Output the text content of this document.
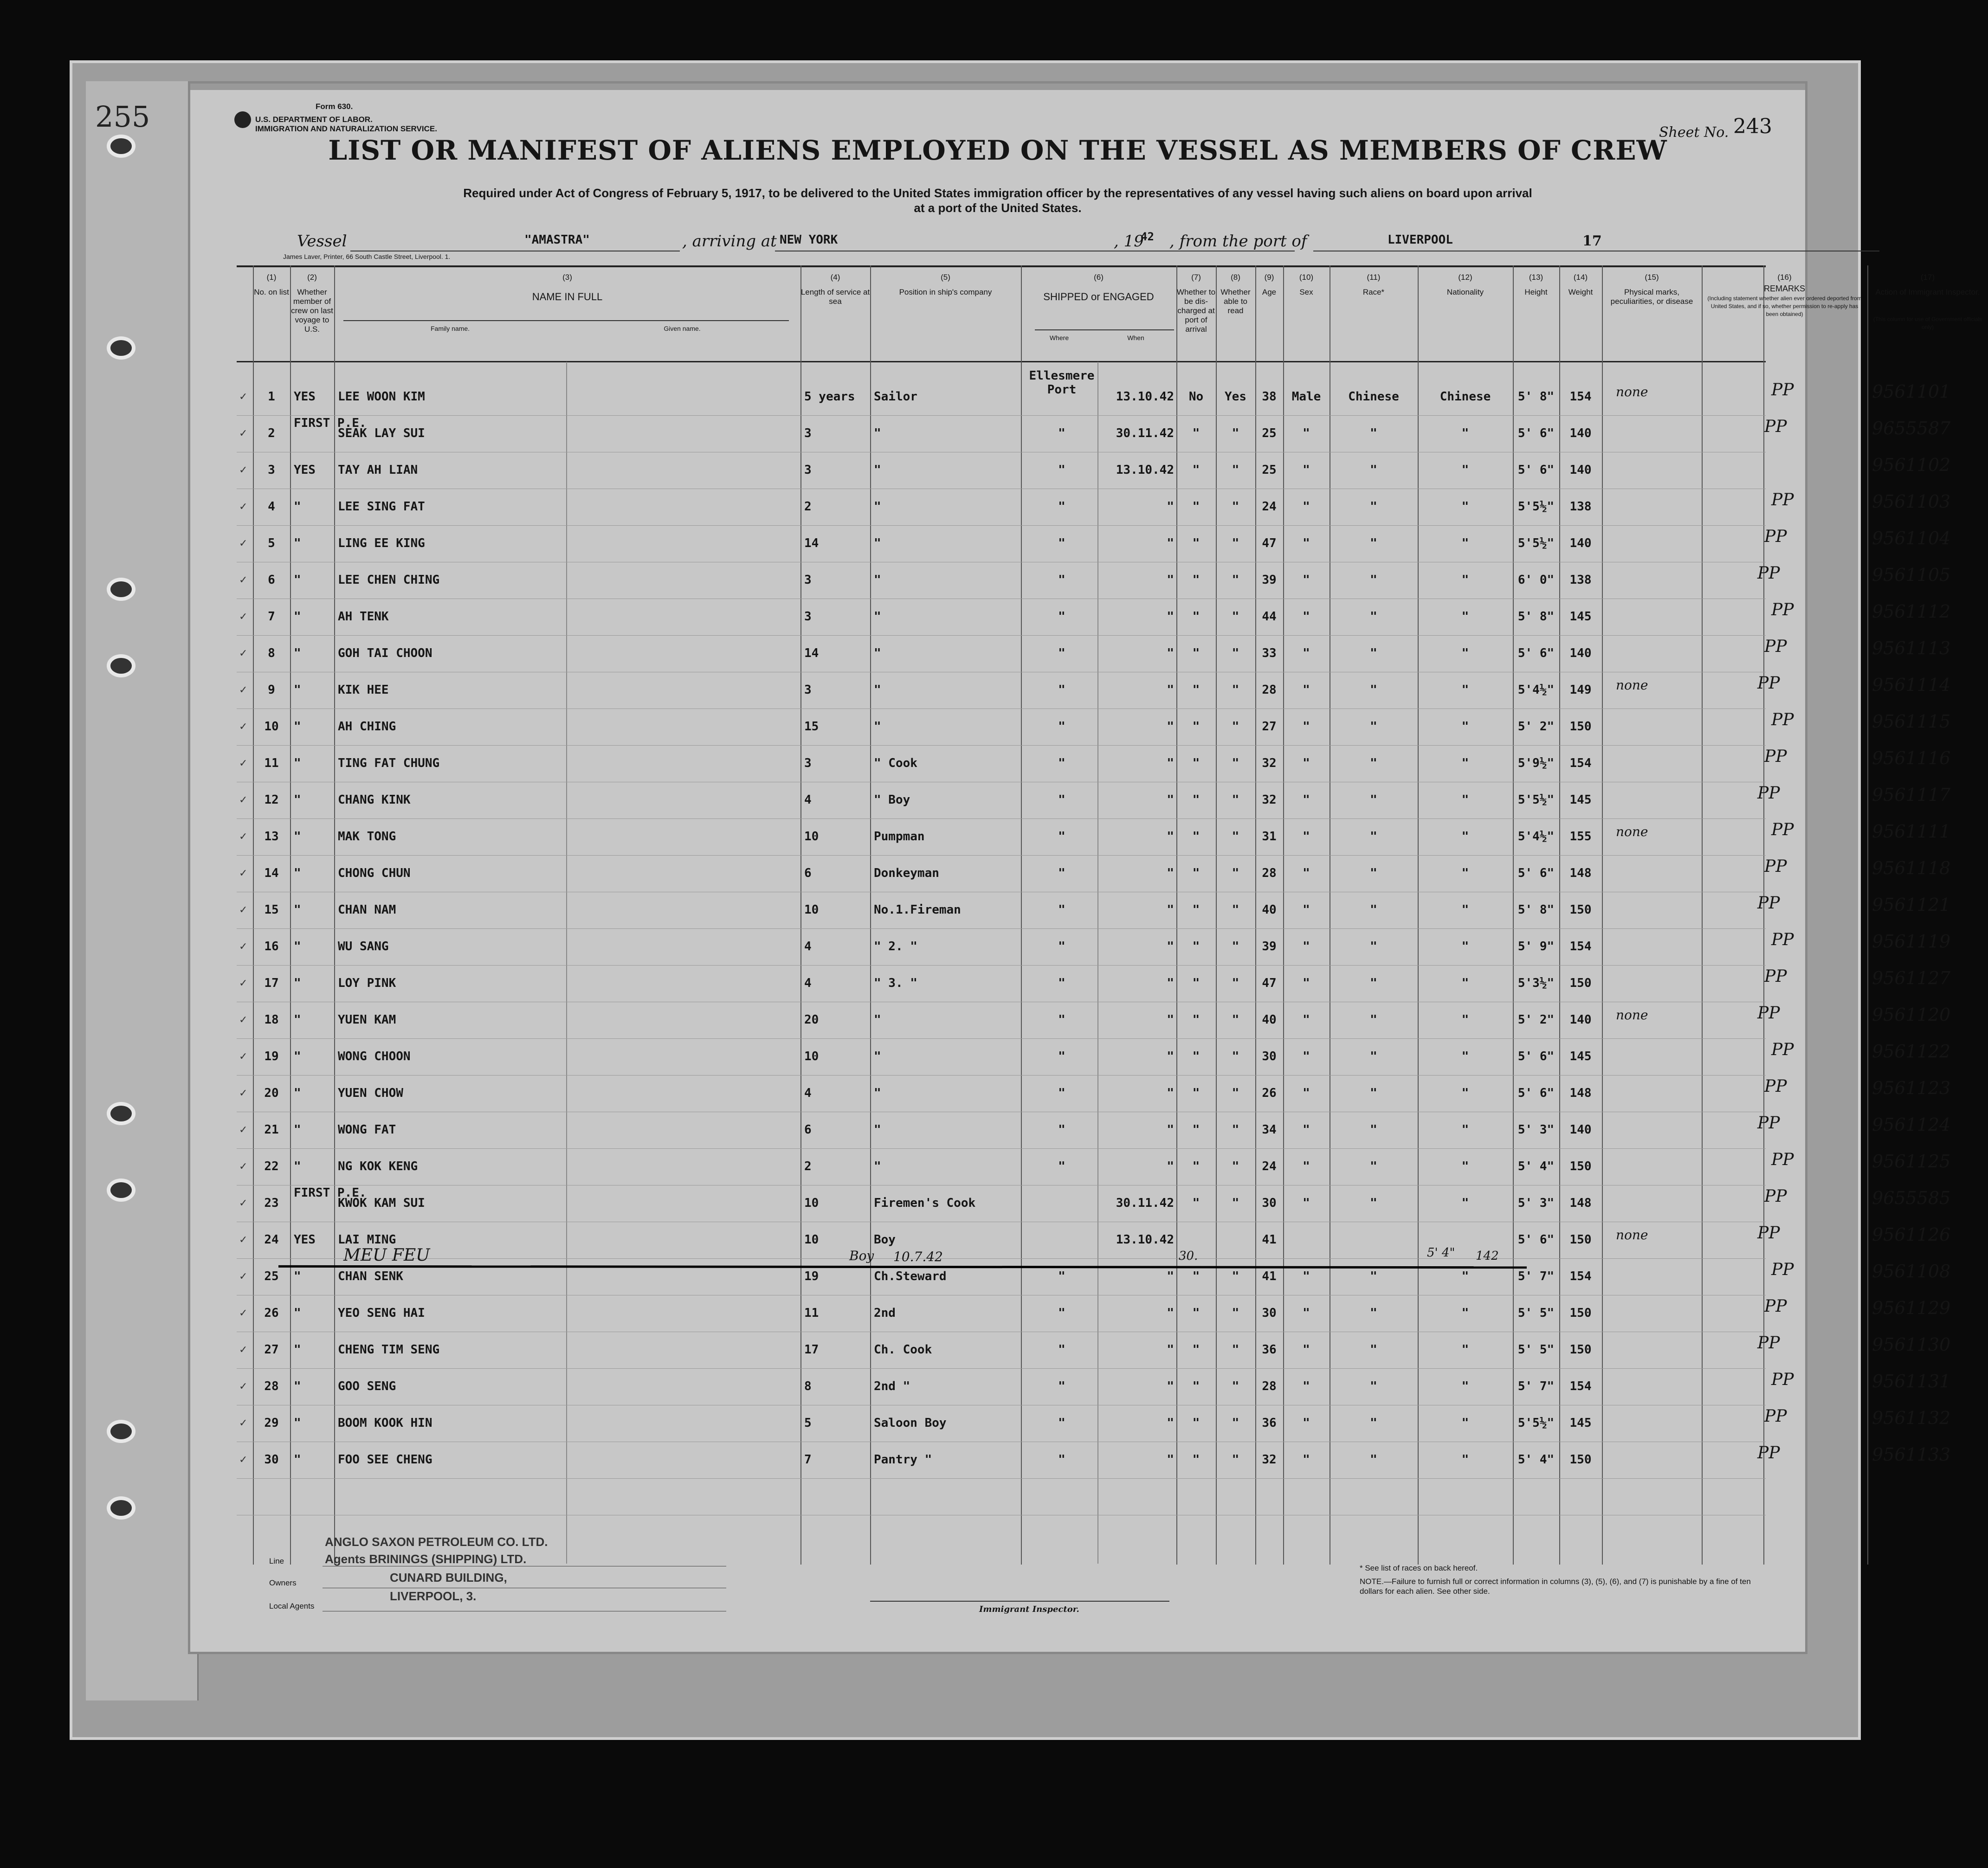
255	Form 630.
U.S. DEPARTMENT OF LABOR.
IMMIGRATION AND NATURALIZATION SERVICE.	Sheet No. 243
LIST OR MANIFEST OF ALIENS EMPLOYED ON THE VESSEL AS MEMBERS OF CREW
Required under Act of Congress of February 5, 1917, to be delivered to the United States immigration officer by the representatives of any vessel having such aliens on board upon arrival
at a port of the United States.
Vessel	"AMASTRA"	, arriving at NEW YORK	, 19
42 , from the port of	LIVERPOOL	17
James Laver, Printer, 66 South Castle Street, Liverpool. 1.
(1)
No. on list
(2)
Whether member of crew on last voyage to U.S.
(3)
NAME IN FULL
Family name.	Given name.
(4)
Length of service at sea
(5)
Position in ship's company
(6)
SHIPPED or ENGAGED
Where	When
(7)
Whether to be dis- charged at port of arrival
(8)
Whether able to read
(9)
Age
(10)
Sex
(11)
Race*
(12)
Nationality
(13)
Height
(14)
Weight
(15)
Physical marks, peculiarities, or disease
(16)
REMARKS
(Including statement whether alien ever ordered deported from United States, and if so, whether permission to re-apply has been obtained)
(17)
Action of Immigrant Inspector.
(This column for use of Government officials only)
1	YES	LEE WOON KIM	5 years	Sailor
Ellesmere Port	13.10.42	No	Yes	38	Male	Chinese	Chinese	5' 8"	154	none	PP	9561101
✓
2
FIRST P.E.
SEAK LAY SUI	3	"	"	30.11.42	"	"	25	"	"	"	5' 6"	140	PP	9655587
✓
3	YES	TAY AH LIAN	3	"	"	13.10.42	"	"	25	"	"	"	5' 6"	140	9561102
✓
4	"	LEE SING FAT	2	"	"	"	"	"	24	"	"	"	5'5½"	138	PP	9561103
✓
5	"	LING EE KING	14	"	"	"	"	"	47	"	"	"	5'5½"	140	PP	9561104
✓
6	"	LEE CHEN CHING	3	"	"	"	"	"	39	"	"	"	6' 0"	138	PP	9561105
✓
7	"	AH TENK	3	"	"	"	"	"	44	"	"	"	5' 8"	145	PP	9561112
✓
8	"	GOH TAI CHOON	14	"	"	"	"	"	33	"	"	"	5' 6"	140	PP	9561113
✓
9	"	KIK HEE	3	"	"	"	"	"	28	"	"	"	5'4½"	149	none	PP	9561114
✓
10	"	AH CHING	15	"	"	"	"	"	27	"	"	"	5' 2"	150	PP	9561115
✓
11	"	TING FAT CHUNG	3	" Cook	"	"	"	"	32	"	"	"	5'9½"	154	PP	9561116
✓
12	"	CHANG KINK	4	" Boy	"	"	"	"	32	"	"	"	5'5½"	145	PP	9561117
✓
13	"	MAK TONG	10	Pumpman	"	"	"	"	31	"	"	"	5'4½"	155	none	PP	9561111
✓
14	"	CHONG CHUN	6	Donkeyman	"	"	"	"	28	"	"	"	5' 6"	148	PP	9561118
✓
15	"	CHAN NAM	10	No.1.Fireman	"	"	"	"	40	"	"	"	5' 8"	150	PP	9561121
✓
16	"	WU SANG	4	" 2. "	"	"	"	"	39	"	"	"	5' 9"	154	PP	9561119
✓
17	"	LOY PINK	4	" 3. "	"	"	"	"	47	"	"	"	5'3½"	150	PP	9561127
✓
18	"	YUEN KAM	20	"	"	"	"	"	40	"	"	"	5' 2"	140	none	PP	9561120
✓
19	"	WONG CHOON	10	"	"	"	"	"	30	"	"	"	5' 6"	145	PP	9561122
✓
20	"	YUEN CHOW	4	"	"	"	"	"	26	"	"	"	5' 6"	148	PP	9561123
✓
21	"	WONG FAT	6	"	"	"	"	"	34	"	"	"	5' 3"	140	PP	9561124
✓
22	"	NG KOK KENG	2	"	"	"	"	"	24	"	"	"	5' 4"	150	PP	9561125
✓
23
FIRST P.E.
KWOK KAM SUI	10	Firemen's Cook	30.11.42	"	"	30	"	"	"	5' 3"	148	PP	9655585
✓
24	YES	LAI MING	10	Boy	13.10.42	41	5' 6"	150	none	PP	9561126
✓
25	"	CHAN SENK	19	Ch.Steward	"	"	"	"	41	"	"	"	5' 7"	154	PP	9561108
✓
26	"	YEO SENG HAI	11	2nd	"	"	"	"	30	"	"	"	5' 5"	150	PP	9561129
✓
27	"	CHENG TIM SENG	17	Ch. Cook	"	"	"	"	36	"	"	"	5' 5"	150	PP	9561130
✓
28	"	GOO SENG	8	2nd "	"	"	"	"	28	"	"	"	5' 7"	154	PP	9561131
✓
29	"	BOOM KOOK HIN	5	Saloon Boy	"	"	"	"	36	"	"	"	5'5½"	145	PP	9561132
✓
30	"	FOO SEE CHENG	7	Pantry "	"	"	"	"	32	"	"	"	5' 4"	150	PP	9561133
✓
MEU FEU	Boy 10.7.42	30.	5' 4" 142
Line
Owners
Local Agents
ANGLO SAXON PETROLEUM CO. LTD.
Agents BRININGS (SHIPPING) LTD.
CUNARD BUILDING,
LIVERPOOL, 3.
Immigrant Inspector.
* See list of races on back hereof.
NOTE.—Failure to furnish full or correct information in columns (3), (5), (6), and (7) is punishable by a fine of ten dollars for each alien. See other side.
